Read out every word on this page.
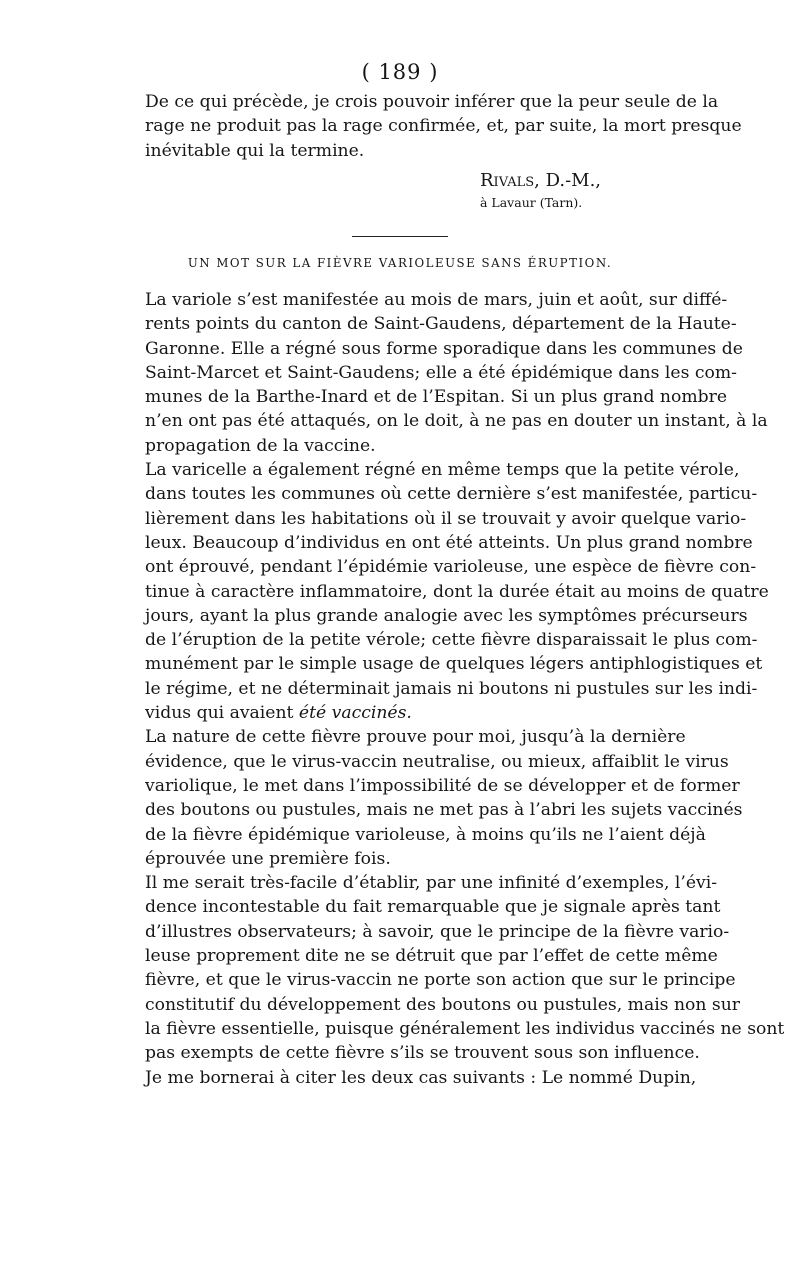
( 189 )
De ce qui précède, je crois pouvoir inférer que la peur seule de la
rage ne produit pas la rage confirmée, et, par suite, la mort presque
inévitable qui la termine.
Rivals, D.-M.,
à Lavaur (Tarn).
UN MOT SUR LA FIÈVRE VARIOLEUSE SANS ÉRUPTION.
La variole s’est manifestée au mois de mars, juin et août, sur diffé-
rents points du canton de Saint-Gaudens, département de la Haute-
Garonne. Elle a régné sous forme sporadique dans les communes de
Saint-Marcet et Saint-Gaudens; elle a été épidémique dans les com-
munes de la Barthe-Inard et de l’Espitan. Si un plus grand nombre
n’en ont pas été attaqués, on le doit, à ne pas en douter un instant, à la
propagation de la vaccine.
La varicelle a également régné en même temps que la petite vérole,
dans toutes les communes où cette dernière s’est manifestée, particu-
lièrement dans les habitations où il se trouvait y avoir quelque vario-
leux. Beaucoup d’individus en ont été atteints. Un plus grand nombre
ont éprouvé, pendant l’épidémie varioleuse, une espèce de fièvre con-
tinue à caractère inflammatoire, dont la durée était au moins de quatre
jours, ayant la plus grande analogie avec les symptômes précurseurs
de l’éruption de la petite vérole; cette fièvre disparaissait le plus com-
munément par le simple usage de quelques légers antiphlogistiques et
le régime, et ne déterminait jamais ni boutons ni pustules sur les indi-
vidus qui avaient été vaccinés.
La nature de cette fièvre prouve pour moi, jusqu’à la dernière
évidence, que le virus-vaccin neutralise, ou mieux, affaiblit le virus
variolique, le met dans l’impossibilité de se développer et de former
des boutons ou pustules, mais ne met pas à l’abri les sujets vaccinés
de la fièvre épidémique varioleuse, à moins qu’ils ne l’aient déjà
éprouvée une première fois.
Il me serait très-facile d’établir, par une infinité d’exemples, l’évi-
dence incontestable du fait remarquable que je signale après tant
d’illustres observateurs; à savoir, que le principe de la fièvre vario-
leuse proprement dite ne se détruit que par l’effet de cette même
fièvre, et que le virus-vaccin ne porte son action que sur le principe
constitutif du développement des boutons ou pustules, mais non sur
la fièvre essentielle, puisque généralement les individus vaccinés ne sont
pas exempts de cette fièvre s’ils se trouvent sous son influence.
Je me bornerai à citer les deux cas suivants : Le nommé Dupin,
